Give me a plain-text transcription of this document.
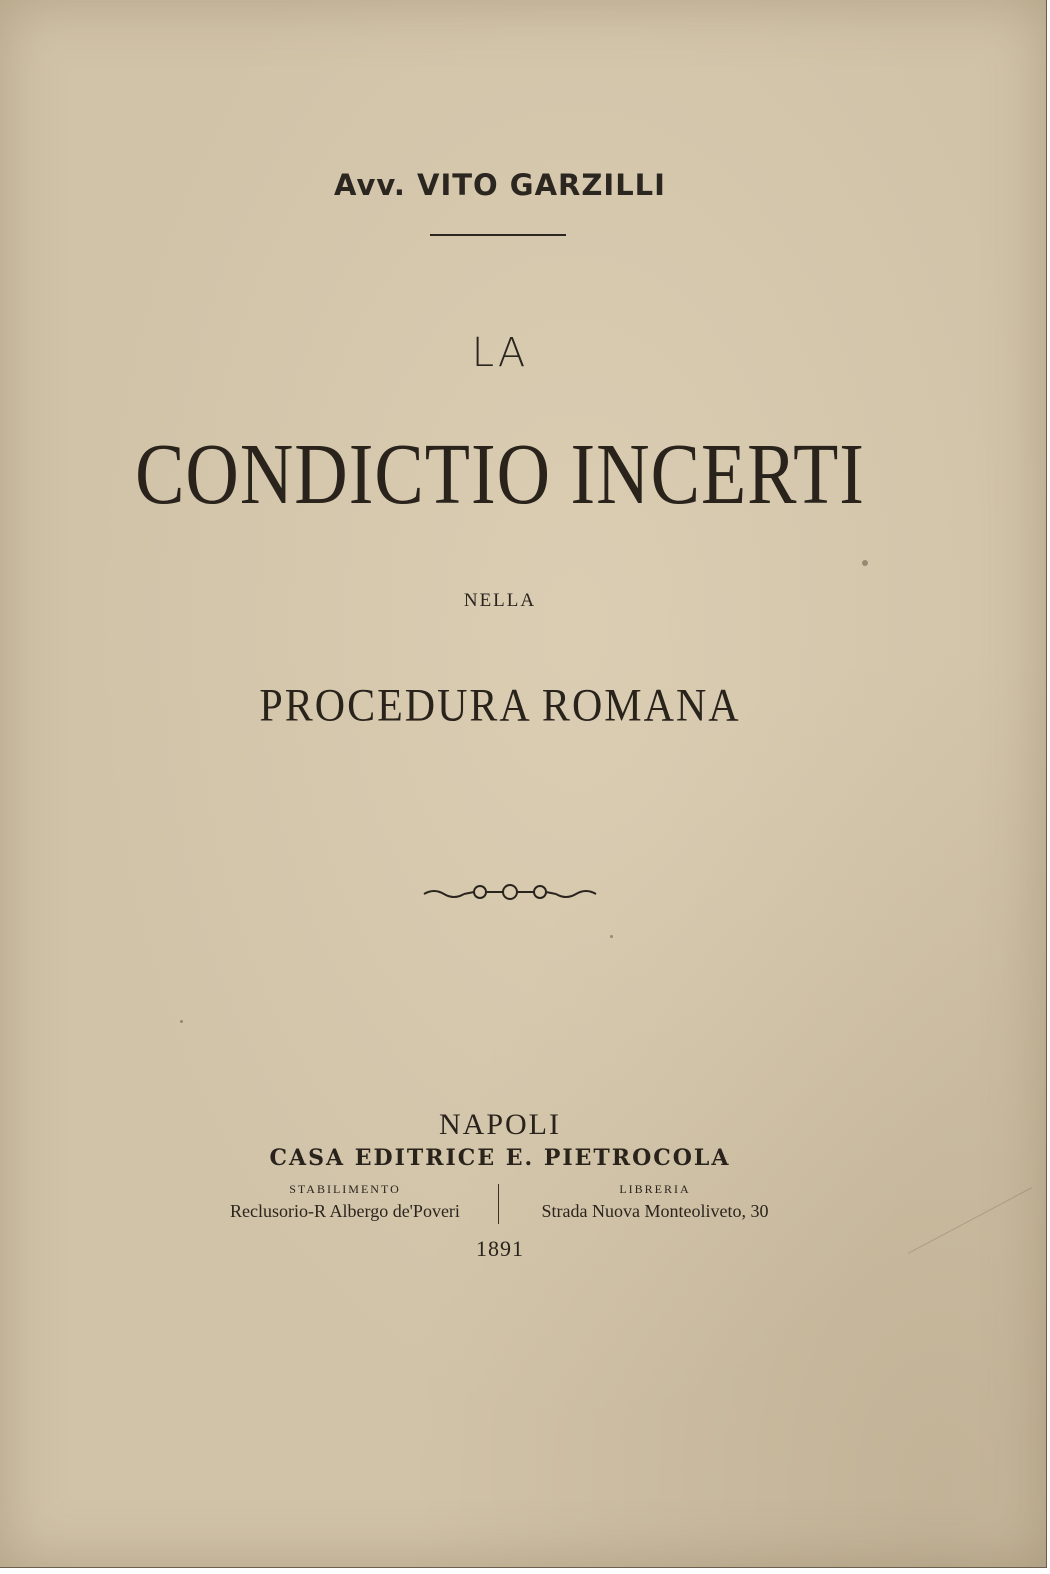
Avv. VITO GARZILLI
LA
CONDICTIO INCERTI
NELLA
PROCEDURA ROMANA
NAPOLI
CASA EDITRICE E. PIETROCOLA
STABILIMENTO
Reclusorio-R Albergo de'Poveri
LIBRERIA
Strada Nuova Monteoliveto, 30
1891
